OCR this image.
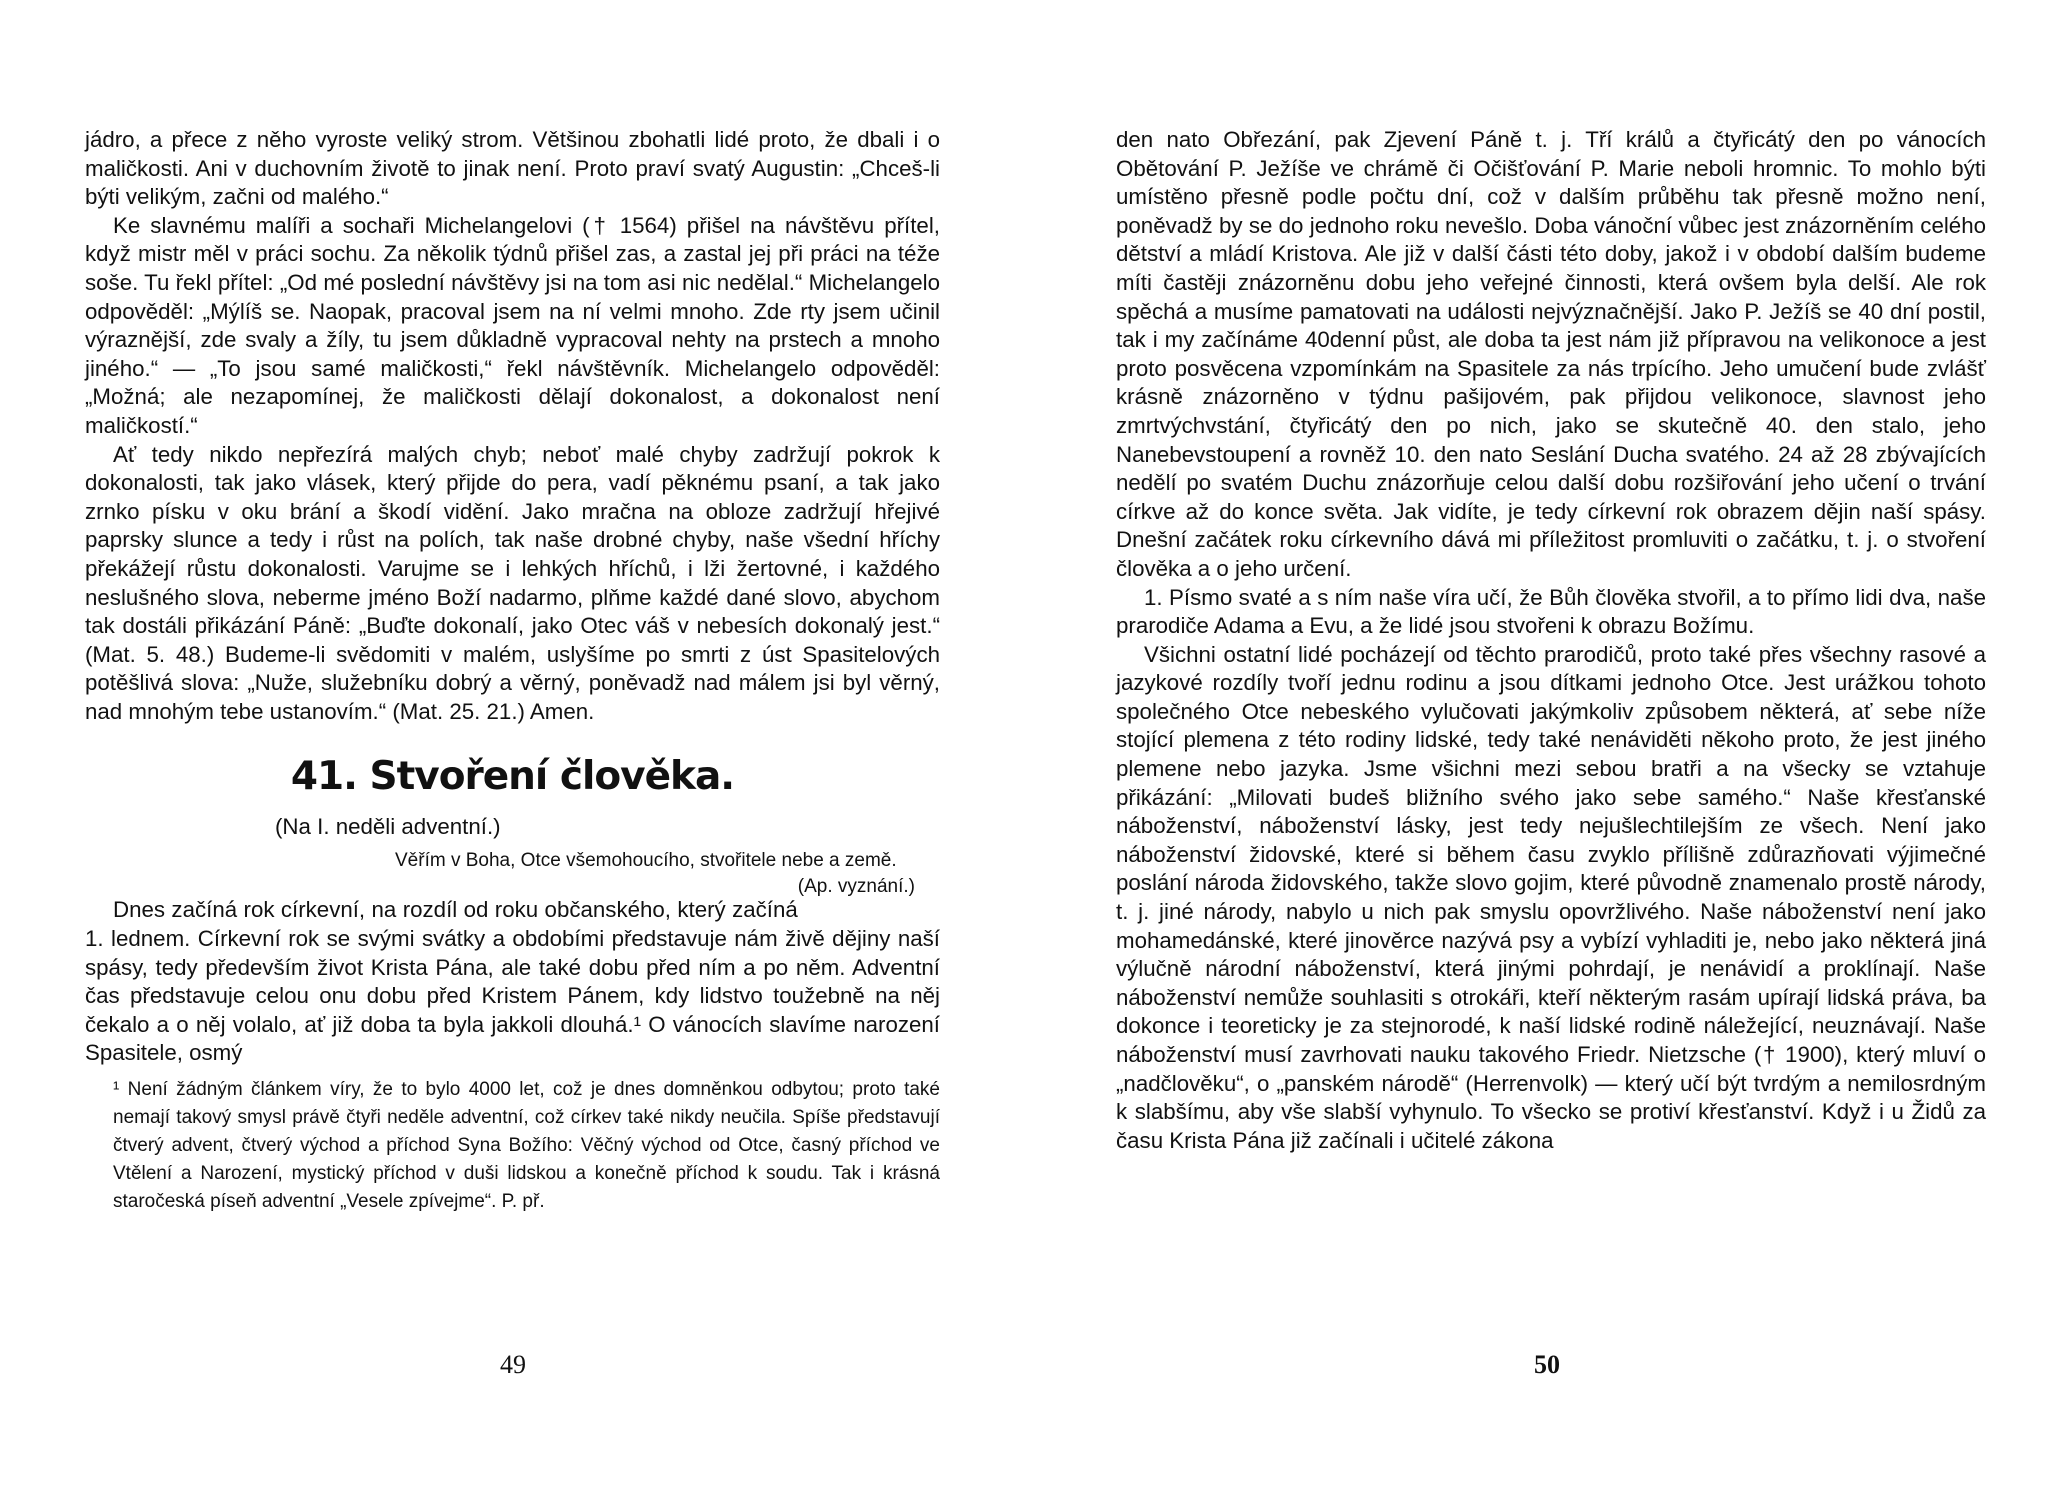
jádro, a přece z něho vyroste veliký strom. Většinou zbohatli lidé proto, že dbali i o maličkosti. Ani v duchovním životě to jinak není. Proto praví svatý Augustin: „Chceš-li býti velikým, začni od malého.“

Ke slavnému malíři a sochaři Michelangelovi († 1564) přišel na návštěvu přítel, když mistr měl v práci sochu. Za několik týdnů přišel zas, a zastal jej při práci na téže soše. Tu řekl přítel: „Od mé poslední návštěvy jsi na tom asi nic nedělal.“ Michelangelo odpověděl: „Mýlíš se. Naopak, pracoval jsem na ní velmi mnoho. Zde rty jsem učinil výraznější, zde svaly a žíly, tu jsem důkladně vypracoval nehty na prstech a mnoho jiného.“ — „To jsou samé maličkosti,“ řekl návštěvník. Michelangelo odpověděl: „Možná; ale nezapomínej, že maličkosti dělají dokonalost, a dokonalost není maličkostí.“

Ať tedy nikdo nepřezírá malých chyb; neboť malé chyby zadržují pokrok k dokonalosti, tak jako vlásek, který přijde do pera, vadí pěknému psaní, a tak jako zrnko písku v oku brání a škodí vidění. Jako mračna na obloze zadržují hřejivé paprsky slunce a tedy i růst na polích, tak naše drobné chyby, naše všední hříchy překážejí růstu dokonalosti. Varujme se i lehkých hříchů, i lži žertovné, i každého neslušného slova, neberme jméno Boží nadarmo, plňme každé dané slovo, abychom tak dostáli přikázání Páně: „Buďte dokonalí, jako Otec váš v nebesích dokonalý jest.“ (Mat. 5. 48.) Budeme-li svědomiti v malém, uslyšíme po smrti z úst Spasitelových potěšlivá slova: „Nuže, služebníku dobrý a věrný, poněvadž nad málem jsi byl věrný, nad mnohým tebe ustanovím.“ (Mat. 25. 21.) Amen.

41. Stvoření člověka.
(Na I. neděli adventní.)
Věřím v Boha, Otce všemohoucího, stvořitele nebe a země.
(Ap. vyznání.)

Dnes začíná rok církevní, na rozdíl od roku občanského, který začíná 1. lednem. Církevní rok se svými svátky a obdobími představuje nám živě dějiny naší spásy, tedy především život Krista Pána, ale také dobu před ním a po něm. Adventní čas představuje celou onu dobu před Kristem Pánem, kdy lidstvo toužebně na něj čekalo a o něj volalo, ať již doba ta byla jakkoli dlouhá.¹ O vánocích slavíme narození Spasitele, osmý

¹ Není žádným článkem víry, že to bylo 4000 let, což je dnes domněnkou odbytou; proto také nemají takový smysl právě čtyři neděle adventní, což církev také nikdy neučila. Spíše představují čtverý advent, čtverý východ a příchod Syna Božího: Věčný východ od Otce, časný příchod ve Vtělení a Narození, mystický příchod v duši lidskou a konečně příchod k soudu. Tak i krásná staročeská píseň adventní „Vesele zpívejme“. P. př.
49

den nato Obřezání, pak Zjevení Páně t. j. Tří králů a čtyřicátý den po vánocích Obětování P. Ježíše ve chrámě či Očišťování P. Marie neboli hromnic. To mohlo býti umístěno přesně podle počtu dní, což v dalším průběhu tak přesně možno není, poněvadž by se do jednoho roku nevešlo. Doba vánoční vůbec jest znázorněním celého dětství a mládí Kristova. Ale již v další části této doby, jakož i v období dalším budeme míti častěji znázorněnu dobu jeho veřejné činnosti, která ovšem byla delší. Ale rok spěchá a musíme pamatovati na události nejvýznačnější. Jako P. Ježíš se 40 dní postil, tak i my začínáme 40denní půst, ale doba ta jest nám již přípravou na velikonoce a jest proto posvěcena vzpomínkám na Spasitele za nás trpícího. Jeho umučení bude zvlášť krásně znázorněno v týdnu pašijovém, pak přijdou velikonoce, slavnost jeho zmrtvýchvstání, čtyřicátý den po nich, jako se skutečně 40. den stalo, jeho Nanebevstoupení a rovněž 10. den nato Seslání Ducha svatého. 24 až 28 zbývajících nedělí po svatém Duchu znázorňuje celou další dobu rozšiřování jeho učení o trvání církve až do konce světa. Jak vidíte, je tedy církevní rok obrazem dějin naší spásy. Dnešní začátek roku církevního dává mi příležitost promluviti o začátku, t. j. o stvoření člověka a o jeho určení.

1. Písmo svaté a s ním naše víra učí, že Bůh člověka stvořil, a to přímo lidi dva, naše prarodiče Adama a Evu, a že lidé jsou stvořeni k obrazu Božímu.

Všichni ostatní lidé pocházejí od těchto prarodičů, proto také přes všechny rasové a jazykové rozdíly tvoří jednu rodinu a jsou dítkami jednoho Otce. Jest urážkou tohoto společného Otce nebeského vylučovati jakýmkoliv způsobem některá, ať sebe níže stojící plemena z této rodiny lidské, tedy také nenáviděti někoho proto, že jest jiného plemene nebo jazyka. Jsme všichni mezi sebou bratři a na všecky se vztahuje přikázání: „Milovati budeš bližního svého jako sebe samého.“ Naše křesťanské náboženství, náboženství lásky, jest tedy nejušlechtilejším ze všech. Není jako náboženství židovské, které si během času zvyklo přílišně zdůrazňovati výjimečné poslání národa židovského, takže slovo gojim, které původně znamenalo prostě národy, t. j. jiné národy, nabylo u nich pak smyslu opovržlivého. Naše náboženství není jako mohamedánské, které jinověrce nazývá psy a vybízí vyhladiti je, nebo jako některá jiná výlučně národní náboženství, která jinými pohrdají, je nenávidí a proklínají. Naše náboženství nemůže souhlasiti s otrokáři, kteří některým rasám upírají lidská práva, ba dokonce i teoreticky je za stejnorodé, k naší lidské rodině náležející, neuznávají. Naše náboženství musí zavrhovati nauku takového Friedr. Nietzsche († 1900), který mluví o „nadčlověku“, o „panském národě“ (Herrenvolk) — který učí být tvrdým a nemilosrdným k slabšímu, aby vše slabší vyhynulo. To všecko se protiví křesťanství. Když i u Židů za času Krista Pána již začínali i učitelé zákona

50
